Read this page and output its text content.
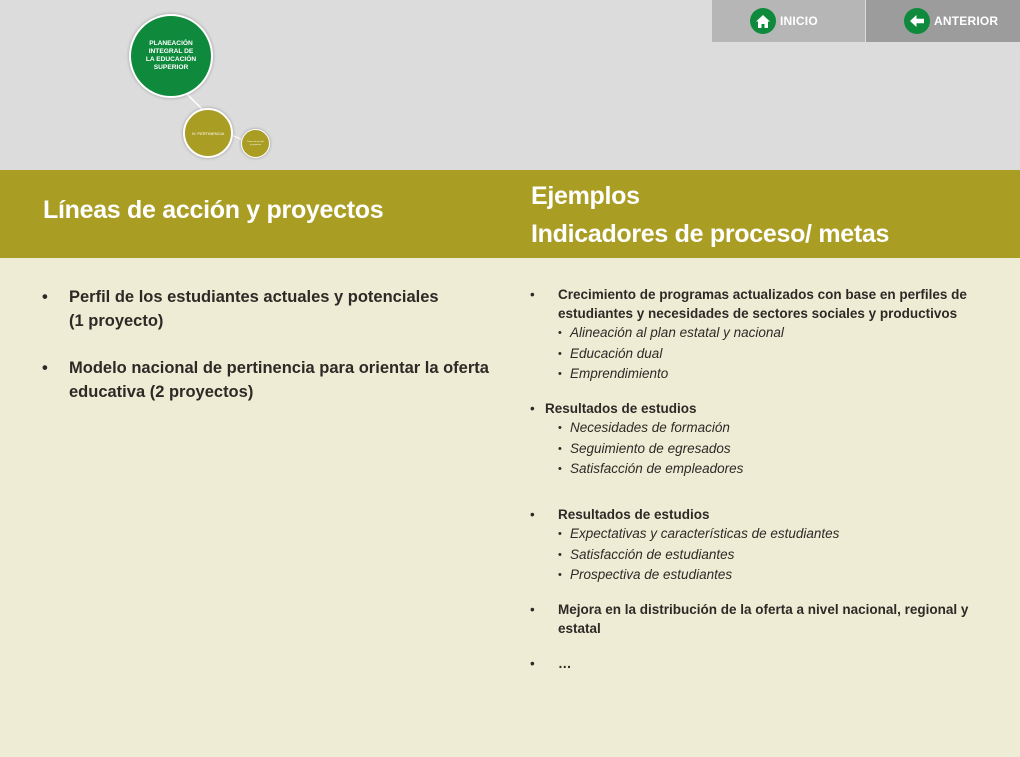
PLANEACIÓN INTEGRAL DE LA EDUCACIÓN SUPERIOR
IV. PERTINENCIA
Líneas de acción y proyectos
INICIO	ANTERIOR
Líneas de acción y proyectos	Ejemplos
Indicadores de proceso/ metas
• Perfil de los estudiantes actuales y potenciales
(1 proyecto)
• Modelo nacional de pertinencia para orientar la oferta
educativa (2 proyectos)
• Crecimiento de programas actualizados con base en perfiles de
estudiantes y necesidades de sectores sociales y productivos
• Alineación al plan estatal y nacional
• Educación dual
• Emprendimiento
• Resultados de estudios
• Necesidades de formación
• Seguimiento de egresados
• Satisfacción de empleadores
• Resultados de estudios
• Expectativas y características de estudiantes
• Satisfacción de estudiantes
• Prospectiva de estudiantes
• Mejora en la distribución de la oferta a nivel nacional, regional y
estatal
• …
